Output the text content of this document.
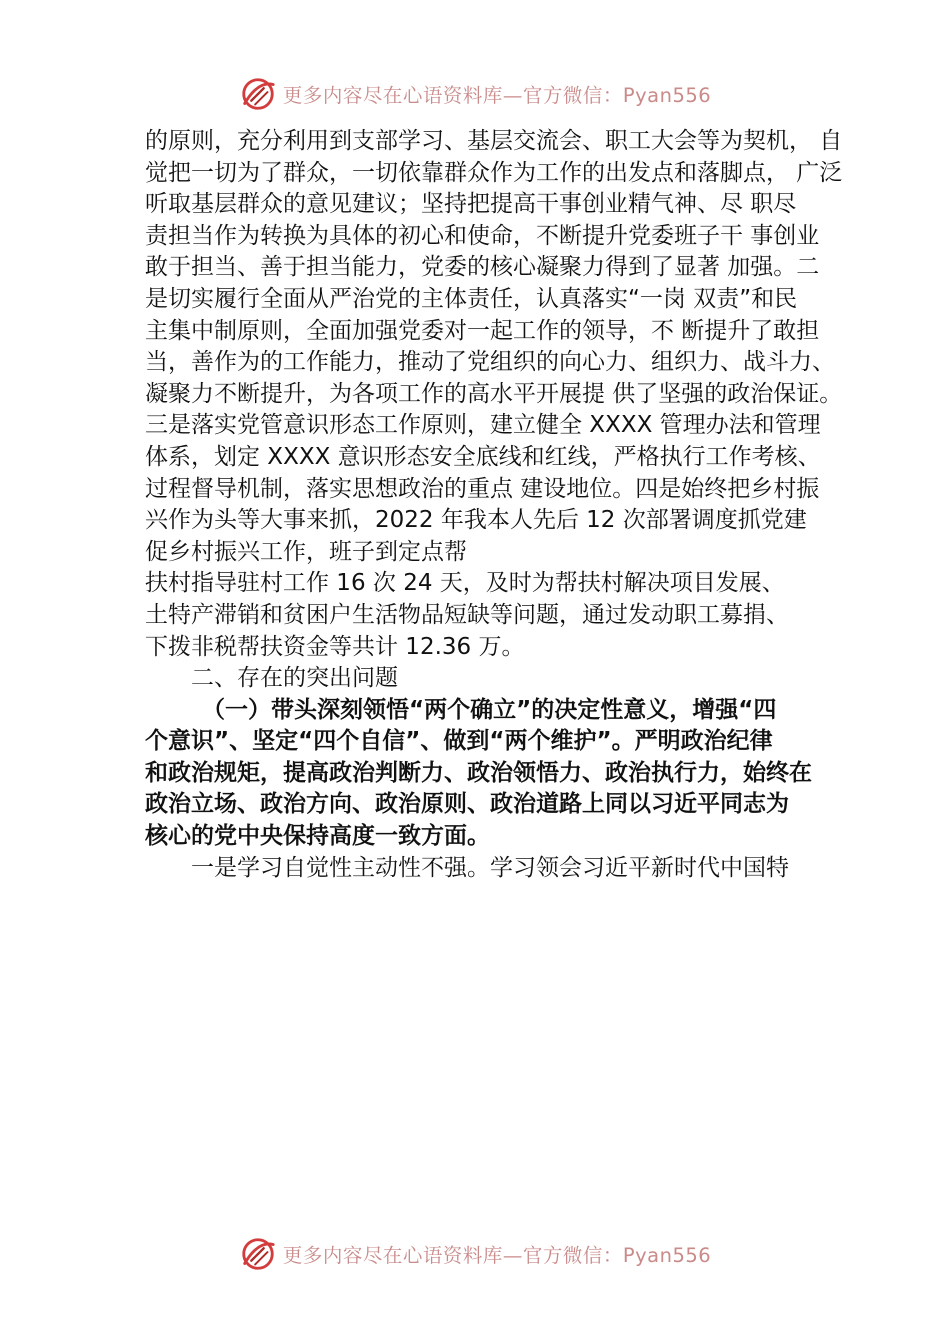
更多内容尽在心语资料库—官方微信：Pyan556
的原则，充分利用到支部学习、基层交流会、职工大会等为契机， 自
觉把一切为了群众，一切依靠群众作为工作的出发点和落脚点， 广泛
听取基层群众的意见建议；坚持把提高干事创业精气神、尽 职尽
责担当作为转换为具体的初心和使命，不断提升党委班子干 事创业
敢于担当、善于担当能力，党委的核心凝聚力得到了显著 加强。二
是切实履行全面从严治党的主体责任，认真落实“一岗 双责”和民
主集中制原则，全面加强党委对一起工作的领导，不 断提升了敢担
当，善作为的工作能力，推动了党组织的向心力、组织力、战斗力、
凝聚力不断提升，为各项工作的高水平开展提 供了坚强的政治保证。
三是落实党管意识形态工作原则，建立健全 XXXX 管理办法和管理
体系，划定 XXXX 意识形态安全底线和红线，严格执行工作考核、
过程督导机制，落实思想政治的重点 建设地位。四是始终把乡村振
兴作为头等大事来抓，2022 年我本人先后 12 次部署调度抓党建
促乡村振兴工作，班子到定点帮
扶村指导驻村工作 16 次 24 天，及时为帮扶村解决项目发展、
土特产滞销和贫困户生活物品短缺等问题，通过发动职工募捐、
下拨非税帮扶资金等共计 12.36 万。
二、存在的突出问题
（一）带头深刻领悟“两个确立”的决定性意义，增强“四
个意识”、坚定“四个自信”、做到“两个维护”。严明政治纪律
和政治规矩，提高政治判断力、政治领悟力、政治执行力，始终在
政治立场、政治方向、政治原则、政治道路上同以习近平同志为
核心的党中央保持高度一致方面。
一是学习自觉性主动性不强。学习领会习近平新时代中国特
更多内容尽在心语资料库—官方微信：Pyan556
